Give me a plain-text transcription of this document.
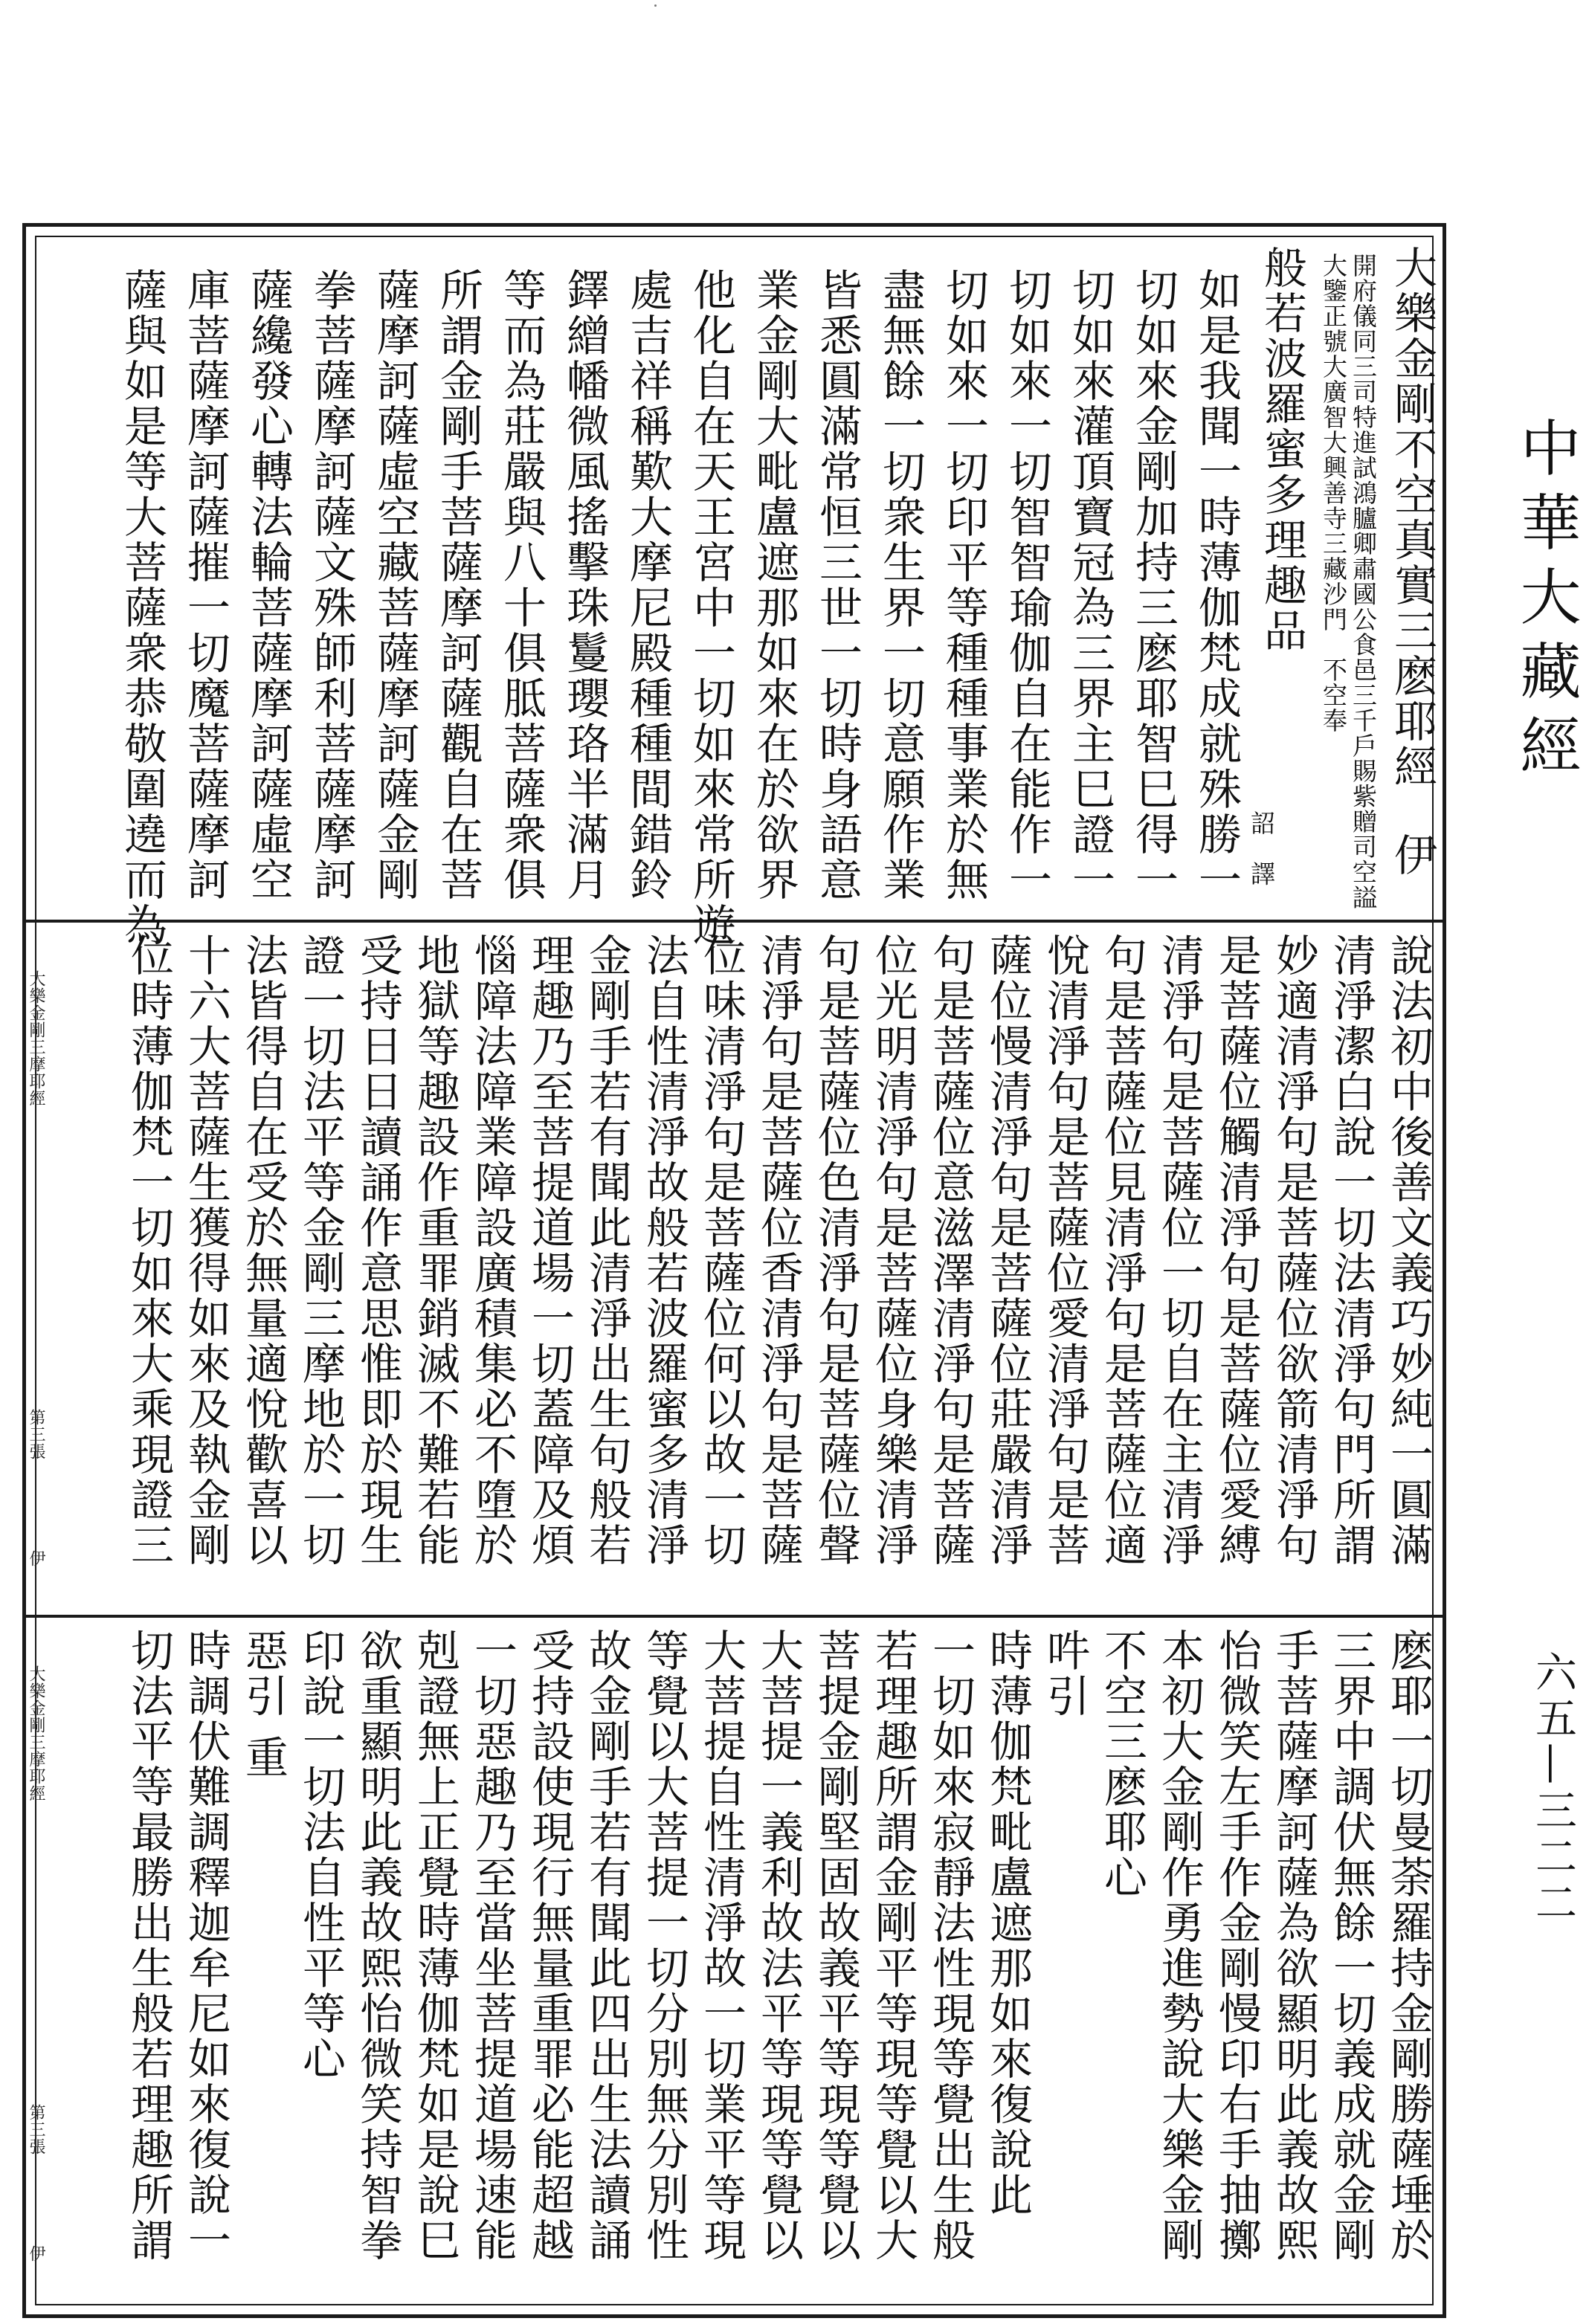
大樂金剛不空真實三麽耶經
伊
開府儀同三司特進試鴻臚卿肅國公食邑三千戶賜紫贈司空謚
大鑒正號大廣智大興善寺三藏沙門　不空奉
詔　譯
般若波羅蜜多理趣品
如是我聞一時薄伽梵成就殊勝一
切如來金剛加持三麽耶智巳得一
切如來灌頂寶冠為三界主巳證一
切如來一切智智瑜伽自在能作一
切如來一切印平等種種事業於無
盡無餘一切衆生界一切意願作業
皆悉圓滿常恒三世一切時身語意
業金剛大毗盧遮那如來在於欲界
他化自在天王宮中一切如來常所遊
處吉祥稱歎大摩尼殿種種間錯鈴
鐸繒幡微風搖擊珠鬘瓔珞半滿月
等而為莊嚴與八十俱胝菩薩衆俱
所謂金剛手菩薩摩訶薩觀自在菩
薩摩訶薩虛空藏菩薩摩訶薩金剛
拳菩薩摩訶薩文殊師利菩薩摩訶
薩纔發心轉法輪菩薩摩訶薩虛空
庫菩薩摩訶薩摧一切魔菩薩摩訶
薩與如是等大菩薩衆恭敬圍遶而為
說法初中後善文義巧妙純一圓滿
清淨潔白說一切法清淨句門所謂
妙適清淨句是菩薩位欲箭清淨句
是菩薩位觸清淨句是菩薩位愛縛
清淨句是菩薩位一切自在主清淨
句是菩薩位見清淨句是菩薩位適
悅清淨句是菩薩位愛清淨句是菩
薩位慢清淨句是菩薩位莊嚴清淨
句是菩薩位意滋澤清淨句是菩薩
位光明清淨句是菩薩位身樂清淨
句是菩薩位色清淨句是菩薩位聲
清淨句是菩薩位香清淨句是菩薩
位味清淨句是菩薩位何以故一切
法自性清淨故般若波羅蜜多清淨
金剛手若有聞此清淨出生句般若
理趣乃至菩提道場一切蓋障及煩
惱障法障業障設廣積集必不墮於
地獄等趣設作重罪銷滅不難若能
受持日日讀誦作意思惟即於現生
證一切法平等金剛三摩地於一切
法皆得自在受於無量適悅歡喜以
十六大菩薩生獲得如來及執金剛
位時薄伽梵一切如來大乘現證三
大樂金剛三摩耶經
第三張
伊
麽耶一切曼荼羅持金剛勝薩埵於
三界中調伏無餘一切義成就金剛
手菩薩摩訶薩為欲顯明此義故熙
怡微笑左手作金剛慢印右手抽擲
本初大金剛作勇進勢說大樂金剛
不空三麽耶心
吽引
時薄伽梵毗盧遮那如來復說此
一切如來寂靜法性現等覺出生般
若理趣所謂金剛平等現等覺以大
菩提金剛堅固故義平等現等覺以
大菩提一義利故法平等現等覺以
大菩提自性清淨故一切業平等現
等覺以大菩提一切分別無分別性
故金剛手若有聞此四出生法讀誦
受持設使現行無量重罪必能超越
一切惡趣乃至當坐菩提道場速能
剋證無上正覺時薄伽梵如是說巳
欲重顯明此義故熙怡微笑持智拳
印說一切法自性平等心
惡引 重
時調伏難調釋迦牟尼如來復說一
切法平等最勝出生般若理趣所謂
大樂金剛三摩耶經
第三張
伊
中華大藏經
六五—三二二
